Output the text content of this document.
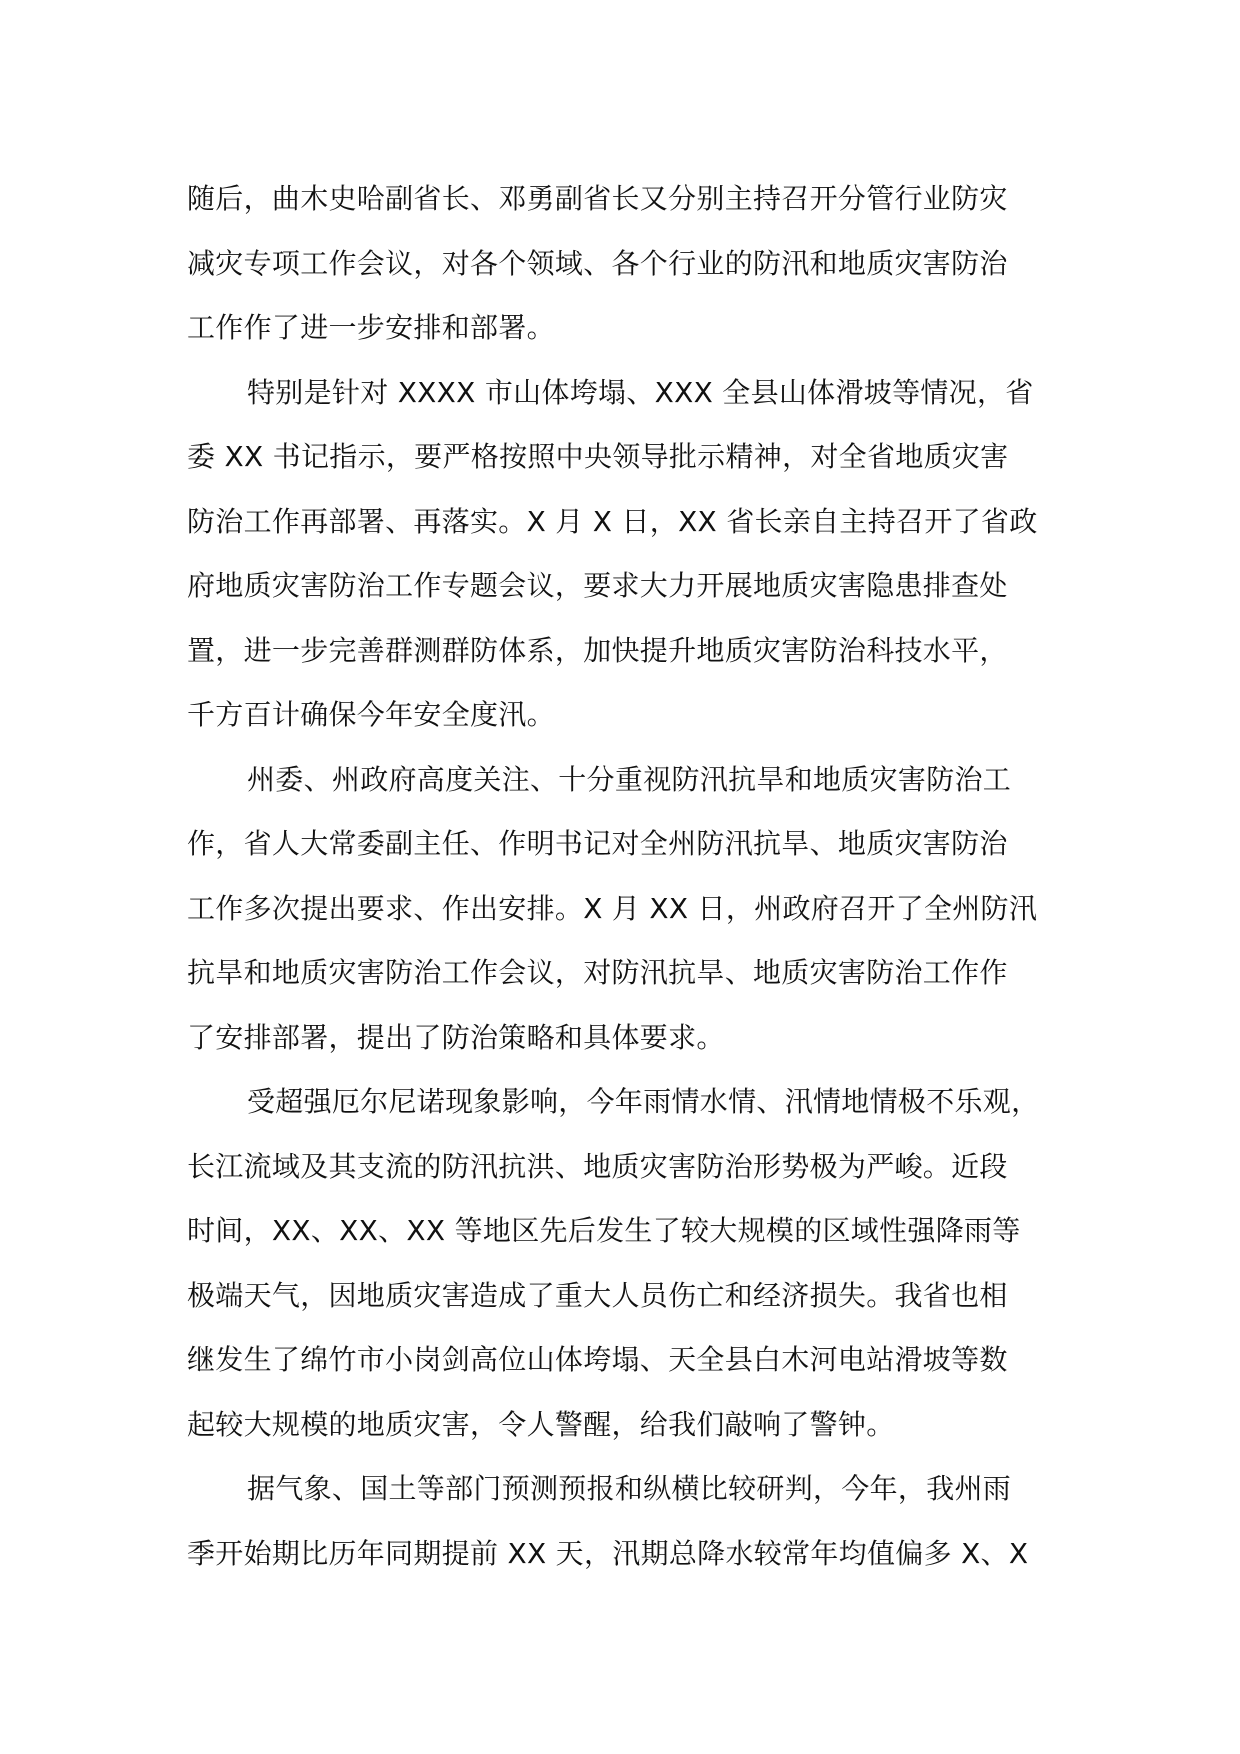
随后，曲木史哈副省长、邓勇副省长又分别主持召开分管行业防灾
减灾专项工作会议，对各个领域、各个行业的防汛和地质灾害防治
工作作了进一步安排和部署。
特别是针对 XXXX 市山体垮塌、XXX 全县山体滑坡等情况，省
委 XX 书记指示，要严格按照中央领导批示精神，对全省地质灾害
防治工作再部署、再落实。X 月 X 日，XX 省长亲自主持召开了省政
府地质灾害防治工作专题会议，要求大力开展地质灾害隐患排查处
置，进一步完善群测群防体系，加快提升地质灾害防治科技水平，
千方百计确保今年安全度汛。
州委、州政府高度关注、十分重视防汛抗旱和地质灾害防治工
作，省人大常委副主任、作明书记对全州防汛抗旱、地质灾害防治
工作多次提出要求、作出安排。X 月 XX 日，州政府召开了全州防汛
抗旱和地质灾害防治工作会议，对防汛抗旱、地质灾害防治工作作
了安排部署，提出了防治策略和具体要求。
受超强厄尔尼诺现象影响，今年雨情水情、汛情地情极不乐观，
长江流域及其支流的防汛抗洪、地质灾害防治形势极为严峻。近段
时间，XX、XX、XX 等地区先后发生了较大规模的区域性强降雨等
极端天气，因地质灾害造成了重大人员伤亡和经济损失。我省也相
继发生了绵竹市小岗剑高位山体垮塌、天全县白木河电站滑坡等数
起较大规模的地质灾害，令人警醒，给我们敲响了警钟。
据气象、国土等部门预测预报和纵横比较研判，今年，我州雨
季开始期比历年同期提前 XX 天，汛期总降水较常年均值偏多 X、X
